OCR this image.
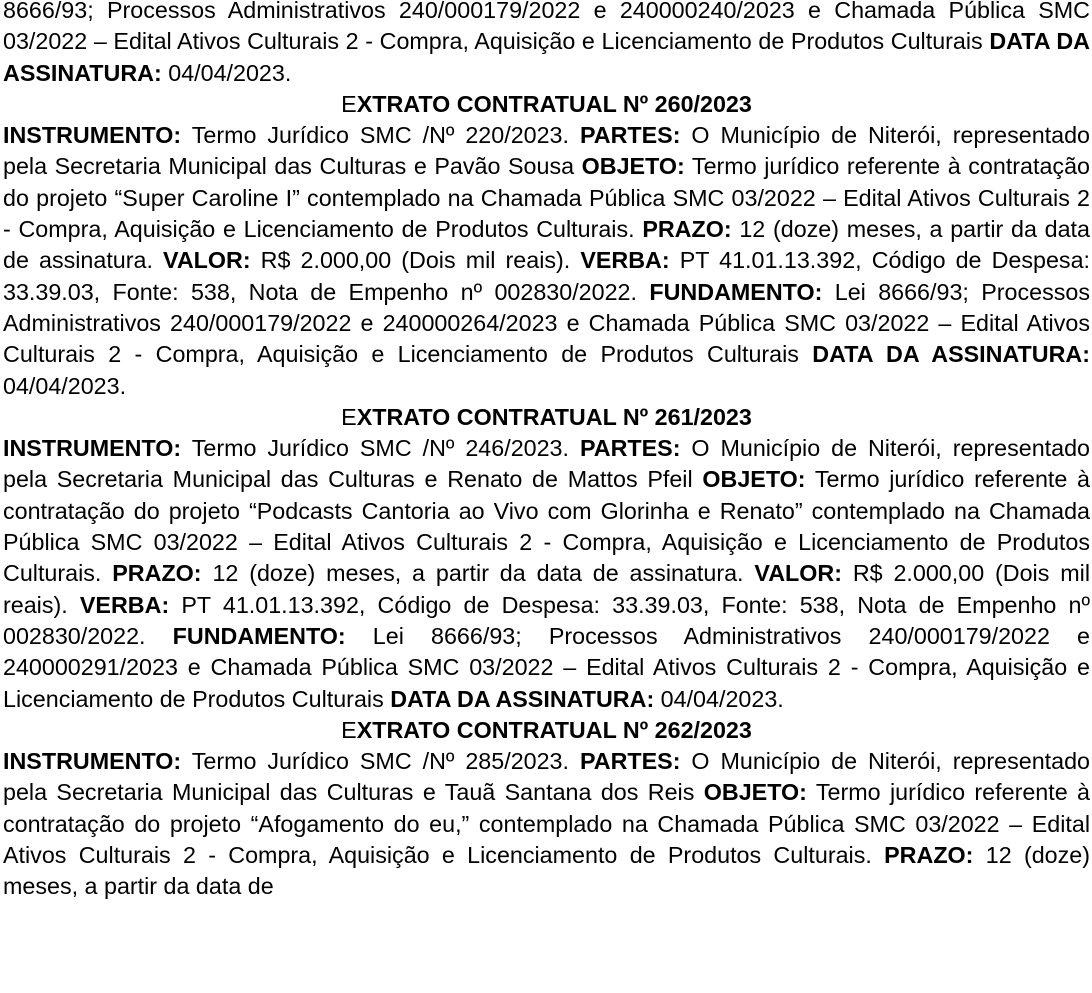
8666/93; Processos Administrativos 240/000179/2022 e 240000240/2023 e Chamada Pública SMC 03/2022 – Edital Ativos Culturais 2 - Compra, Aquisição e Licenciamento de Produtos Culturais DATA DA ASSINATURA: 04/04/2023.

EXTRATO CONTRATUAL Nº 260/2023

INSTRUMENTO: Termo Jurídico SMC /Nº 220/2023. PARTES: O Município de Niterói, representado pela Secretaria Municipal das Culturas e Pavão Sousa OBJETO: Termo jurídico referente à contratação do projeto “Super Caroline I” contemplado na Chamada Pública SMC 03/2022 – Edital Ativos Culturais 2 - Compra, Aquisição e Licenciamento de Produtos Culturais. PRAZO: 12 (doze) meses, a partir da data de assinatura. VALOR: R$ 2.000,00 (Dois mil reais). VERBA: PT 41.01.13.392, Código de Despesa: 33.39.03, Fonte: 538, Nota de Empenho nº 002830/2022. FUNDAMENTO: Lei 8666/93; Processos Administrativos 240/000179/2022 e 240000264/2023 e Chamada Pública SMC 03/2022 – Edital Ativos Culturais 2 - Compra, Aquisição e Licenciamento de Produtos Culturais DATA DA ASSINATURA: 04/04/2023.

EXTRATO CONTRATUAL Nº 261/2023

INSTRUMENTO: Termo Jurídico SMC /Nº 246/2023. PARTES: O Município de Niterói, representado pela Secretaria Municipal das Culturas e Renato de Mattos Pfeil OBJETO: Termo jurídico referente à contratação do projeto “Podcasts Cantoria ao Vivo com Glorinha e Renato” contemplado na Chamada Pública SMC 03/2022 – Edital Ativos Culturais 2 - Compra, Aquisição e Licenciamento de Produtos Culturais. PRAZO: 12 (doze) meses, a partir da data de assinatura. VALOR: R$ 2.000,00 (Dois mil reais). VERBA: PT 41.01.13.392, Código de Despesa: 33.39.03, Fonte: 538, Nota de Empenho nº 002830/2022. FUNDAMENTO: Lei 8666/93; Processos Administrativos 240/000179/2022 e 240000291/2023 e Chamada Pública SMC 03/2022 – Edital Ativos Culturais 2 - Compra, Aquisição e Licenciamento de Produtos Culturais DATA DA ASSINATURA: 04/04/2023.

EXTRATO CONTRATUAL Nº 262/2023

INSTRUMENTO: Termo Jurídico SMC /Nº 285/2023. PARTES: O Município de Niterói, representado pela Secretaria Municipal das Culturas e Tauã Santana dos Reis OBJETO: Termo jurídico referente à contratação do projeto “Afogamento do eu,” contemplado na Chamada Pública SMC 03/2022 – Edital Ativos Culturais 2 - Compra, Aquisição e Licenciamento de Produtos Culturais. PRAZO: 12 (doze) meses, a partir da data de
